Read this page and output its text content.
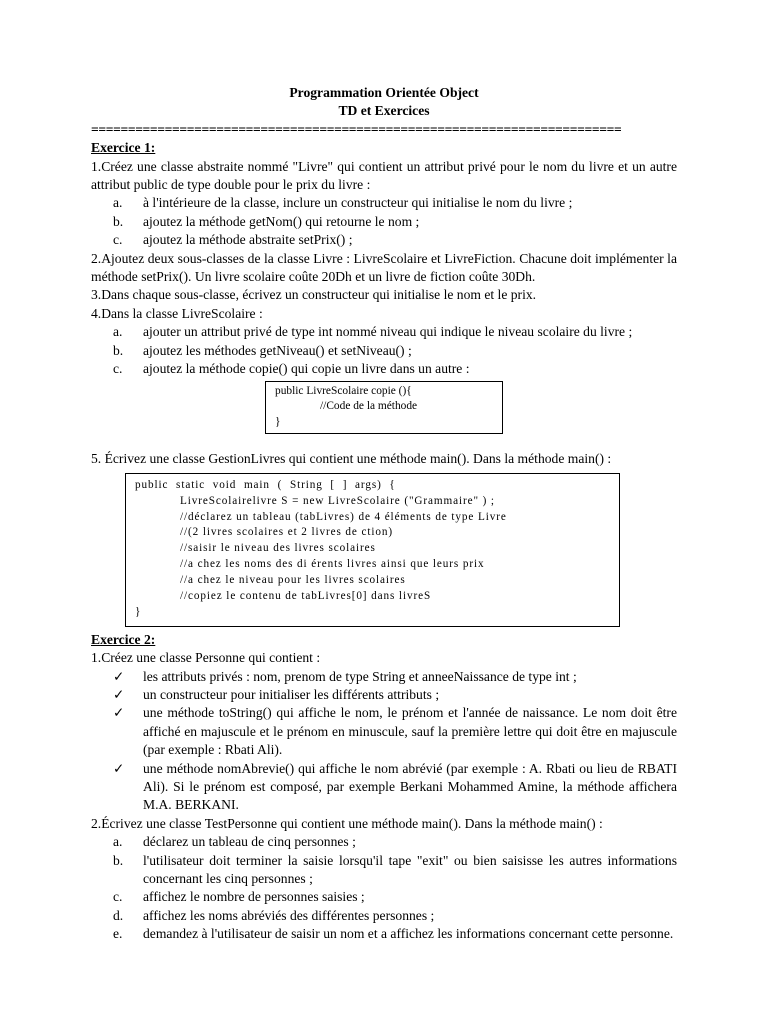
Programmation Orientée Object

TD et Exercices

========================================================================

Exercice 1:

1.Créez une classe abstraite nommé "Livre" qui contient un attribut privé pour le nom du livre et un autre attribut public de type double pour le prix du livre :

a. à l'intérieure de la classe, inclure un constructeur qui initialise le nom du livre ;
b. ajoutez la méthode getNom() qui retourne le nom ;
c. ajoutez la méthode abstraite setPrix() ;

2.Ajoutez deux sous-classes de la classe Livre : LivreScolaire et LivreFiction. Chacune doit implémenter la méthode setPrix(). Un livre scolaire coûte 20Dh et un livre de fiction coûte 30Dh.

3.Dans chaque sous-classe, écrivez un constructeur qui initialise le nom et le prix.

4.Dans la classe LivreScolaire :

a. ajouter un attribut privé de type int nommé niveau qui indique le niveau scolaire du livre ;
b. ajoutez les méthodes getNiveau() et setNiveau() ;
c. ajoutez la méthode copie() qui copie un livre dans un autre :
public LivreScolaire copie (){
//Code de la méthode
}

5. Écrivez une classe GestionLivres qui contient une méthode main(). Dans la méthode main() :

public static void main ( String [ ] args) {
LivreScolairelivre S = new LivreScolaire ("Grammaire" ) ;
//déclarez un tableau (tabLivres) de 4 éléments de type Livre
//(2 livres scolaires et 2 livres de ction)
//saisir le niveau des livres scolaires
//a chez les noms des di érents livres ainsi que leurs prix
//a chez le niveau pour les livres scolaires
//copiez le contenu de tabLivres[0] dans livreS
}

Exercice 2:

1.Créez une classe Personne qui contient :

✓ les attributs privés : nom, prenom de type String et anneeNaissance de type int ;
✓ un constructeur pour initialiser les différents attributs ;
✓ une méthode toString() qui affiche le nom, le prénom et l'année de naissance. Le nom doit être affiché en majuscule et le prénom en minuscule, sauf la première lettre qui doit être en majuscule (par exemple : Rbati Ali).
✓ une méthode nomAbrevie() qui affiche le nom abrévié (par exemple : A. Rbati ou lieu de RBATI Ali). Si le prénom est composé, par exemple Berkani Mohammed Amine, la méthode affichera M.A. BERKANI.

2.Écrivez une classe TestPersonne qui contient une méthode main(). Dans la méthode main() :

a. déclarez un tableau de cinq personnes ;
b. l'utilisateur doit terminer la saisie lorsqu'il tape "exit" ou bien saisisse les autres informations concernant les cinq personnes ;
c. affichez le nombre de personnes saisies ;
d. affichez les noms abréviés des différentes personnes ;
e. demandez à l'utilisateur de saisir un nom et a affichez les informations concernant cette personne.
